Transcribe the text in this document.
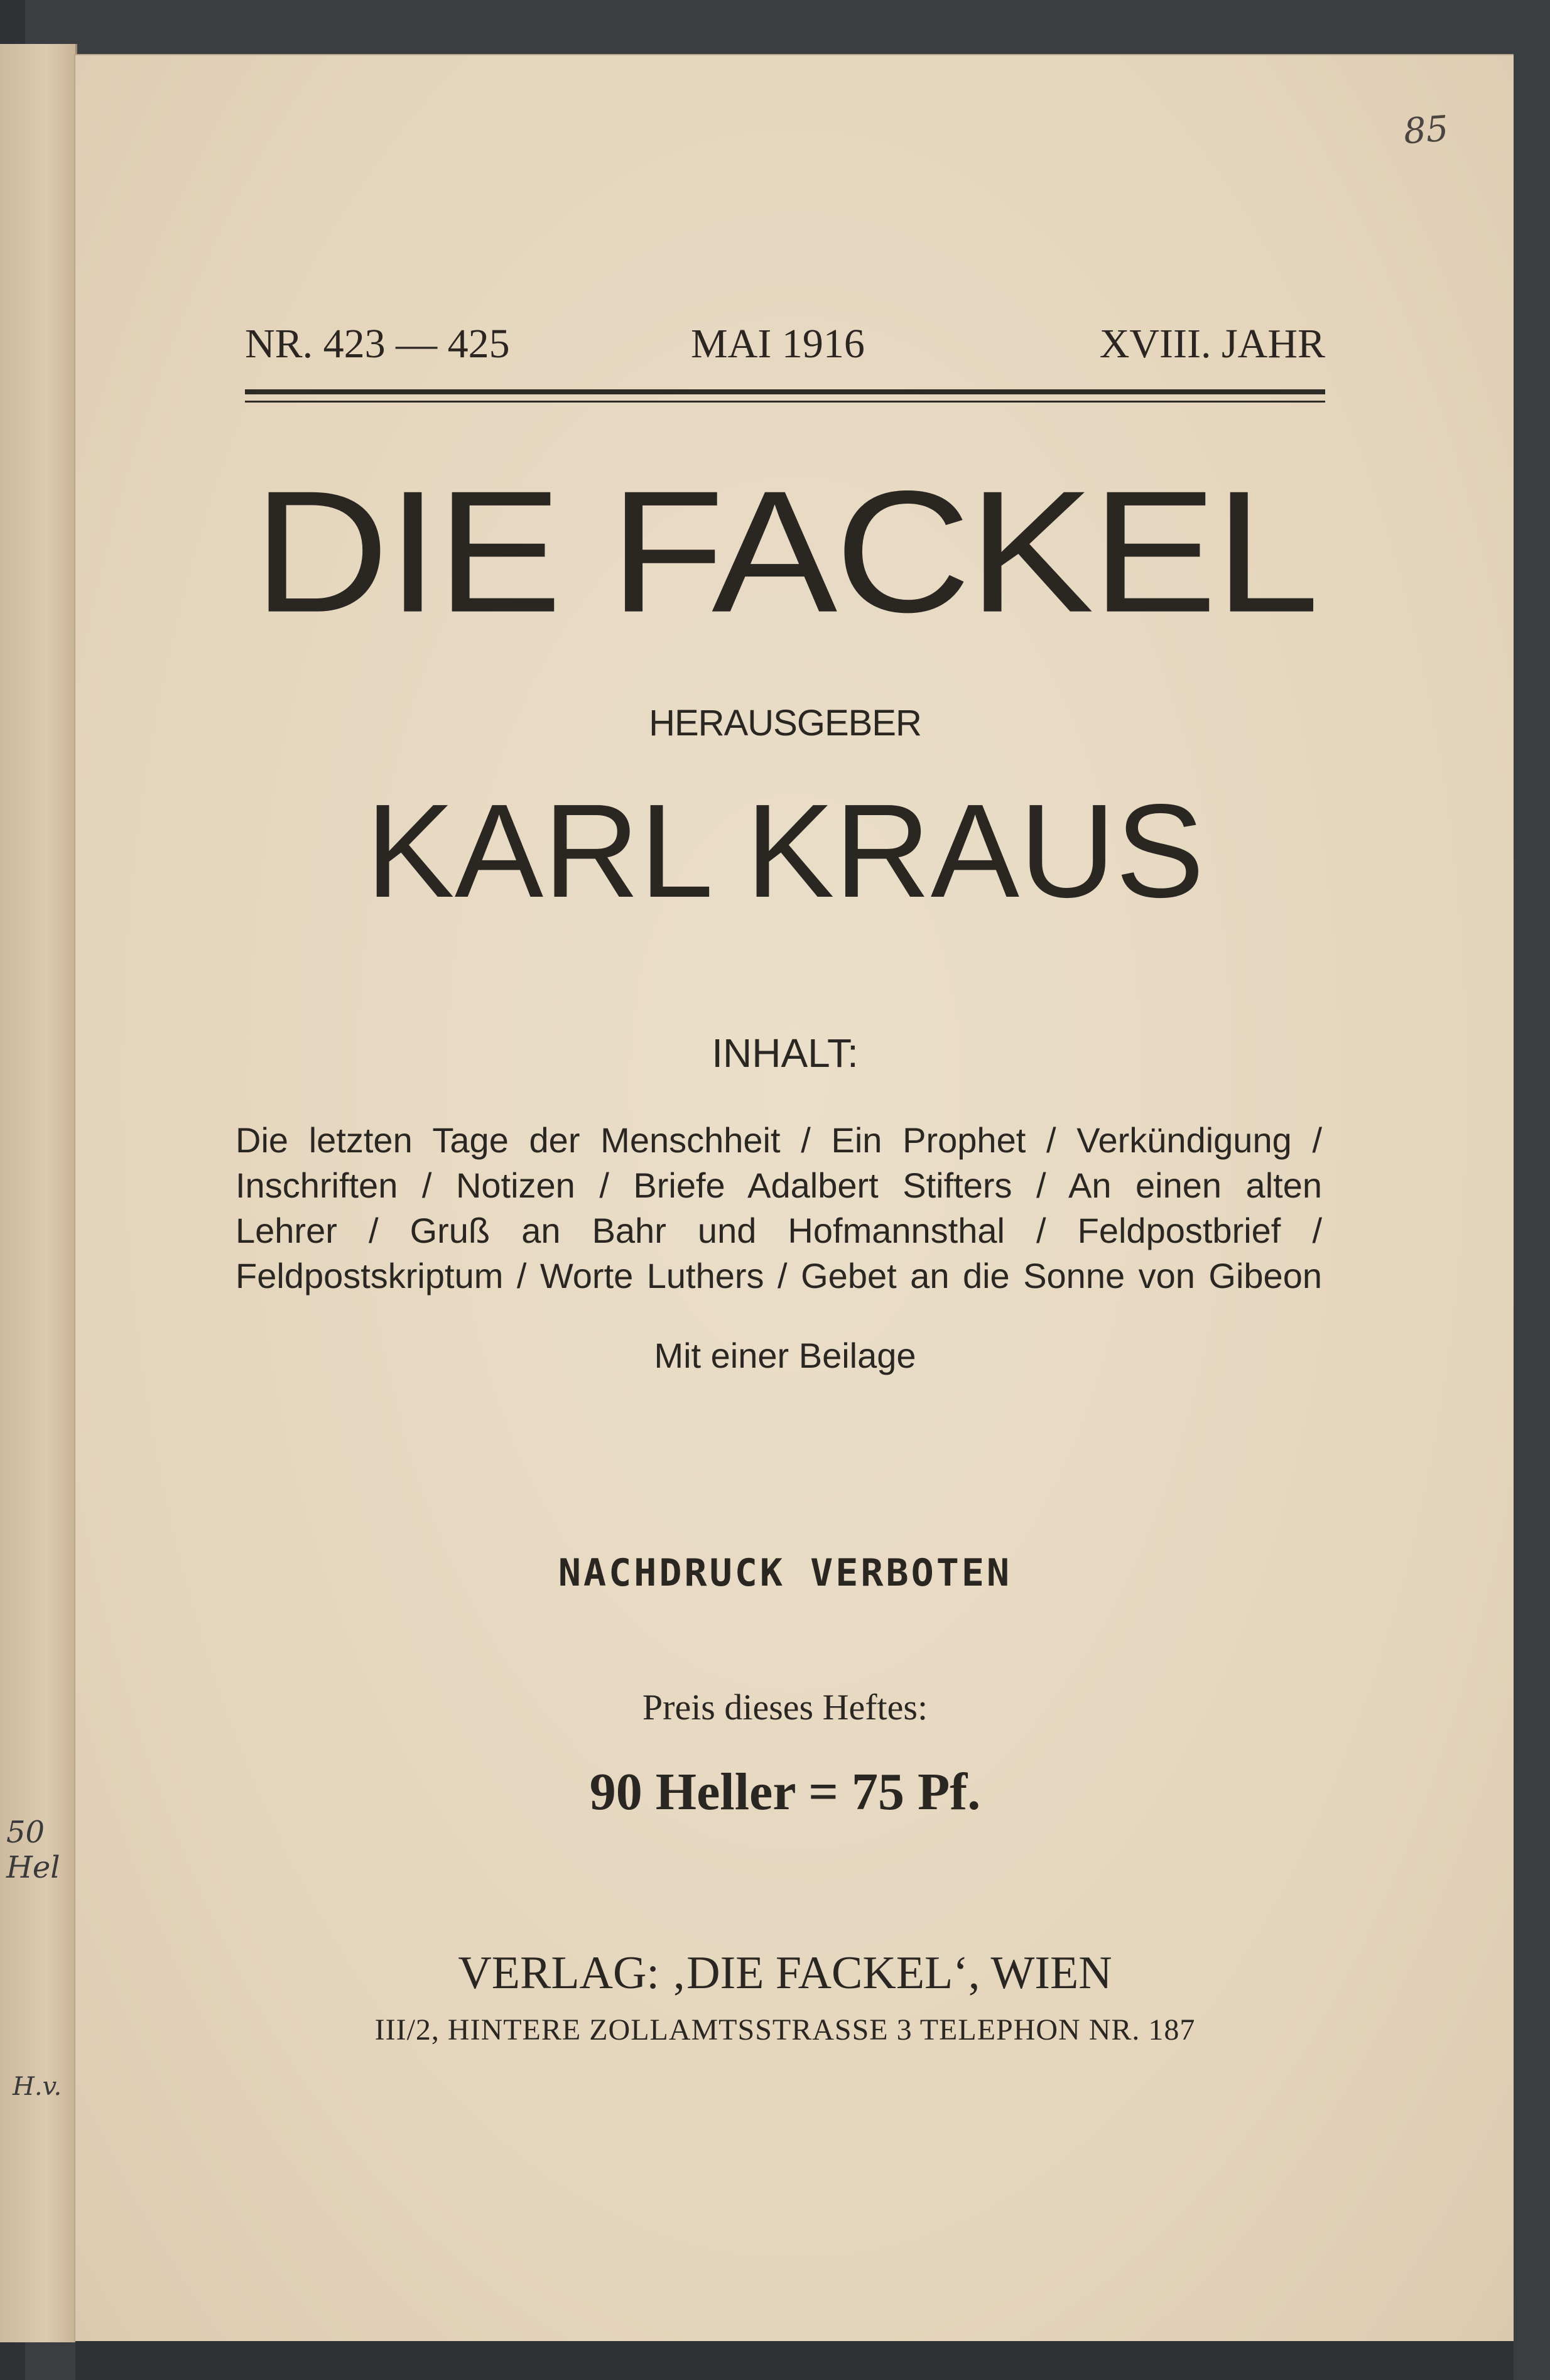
50 Hel
H.v.
85
NR. 423 — 425	MAI 1916	XVIII. JAHR
DIE FACKEL
HERAUSGEBER
KARL KRAUS
INHALT:
Die letzten Tage der Menschheit / Ein Prophet / Verkündigung /
Inschriften / Notizen / Briefe Adalbert Stifters / An einen alten
Lehrer / Gruß an Bahr und Hofmannsthal / Feldpostbrief /
Feldpostskriptum / Worte Luthers / Gebet an die Sonne von Gibeon
Mit einer Beilage
NACHDRUCK VERBOTEN
Preis dieses Heftes:
90 Heller = 75 Pf.
VERLAG: ‚DIE FACKEL‘, WIEN
III/2, HINTERE ZOLLAMTSSTRASSE 3 TELEPHON NR. 187
